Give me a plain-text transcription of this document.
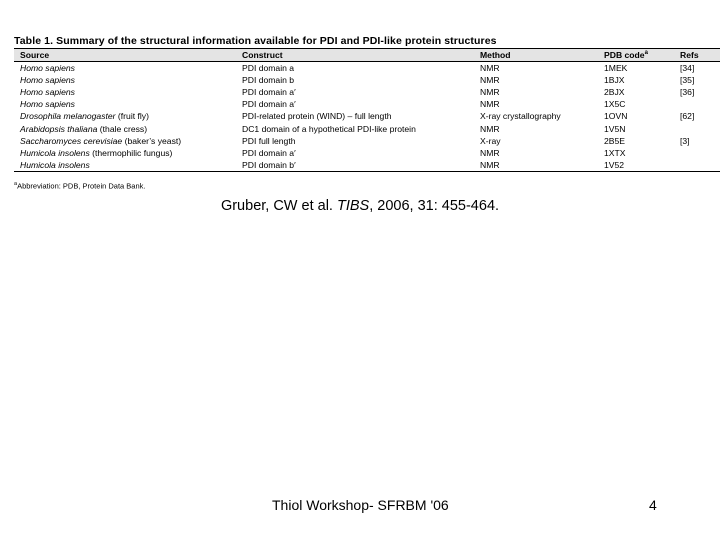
Table 1. Summary of the structural information available for PDI and PDI-like protein structures
Source	Construct	Method	PDB code$^a$	Refs
Homo sapiens	PDI domain a	NMR	1MEK	[34]
Homo sapiens	PDI domain b	NMR	1BJX	[35]
Homo sapiens	PDI domain a′	NMR	2BJX	[36]
Homo sapiens	PDI domain a′	NMR	1X5C	
Drosophila melanogaster (fruit fly)	PDI-related protein (WIND) – full length	X-ray crystallography	1OVN	[62]
Arabidopsis thaliana (thale cress)	DC1 domain of a hypothetical PDI-like protein	NMR	1V5N	
Saccharomyces cerevisiae (baker’s yeast)	PDI full length	X-ray	2B5E	[3]
Humicola insolens (thermophilic fungus)	PDI domain a′	NMR	1XTX	
Humicola insolens	PDI domain b′	NMR	1V52	
$^a$Abbreviation: PDB, Protein Data Bank.
Gruber, CW et al. TIBS, 2006, 31: 455-464.
Thiol Workshop- SFRBM '06	4
